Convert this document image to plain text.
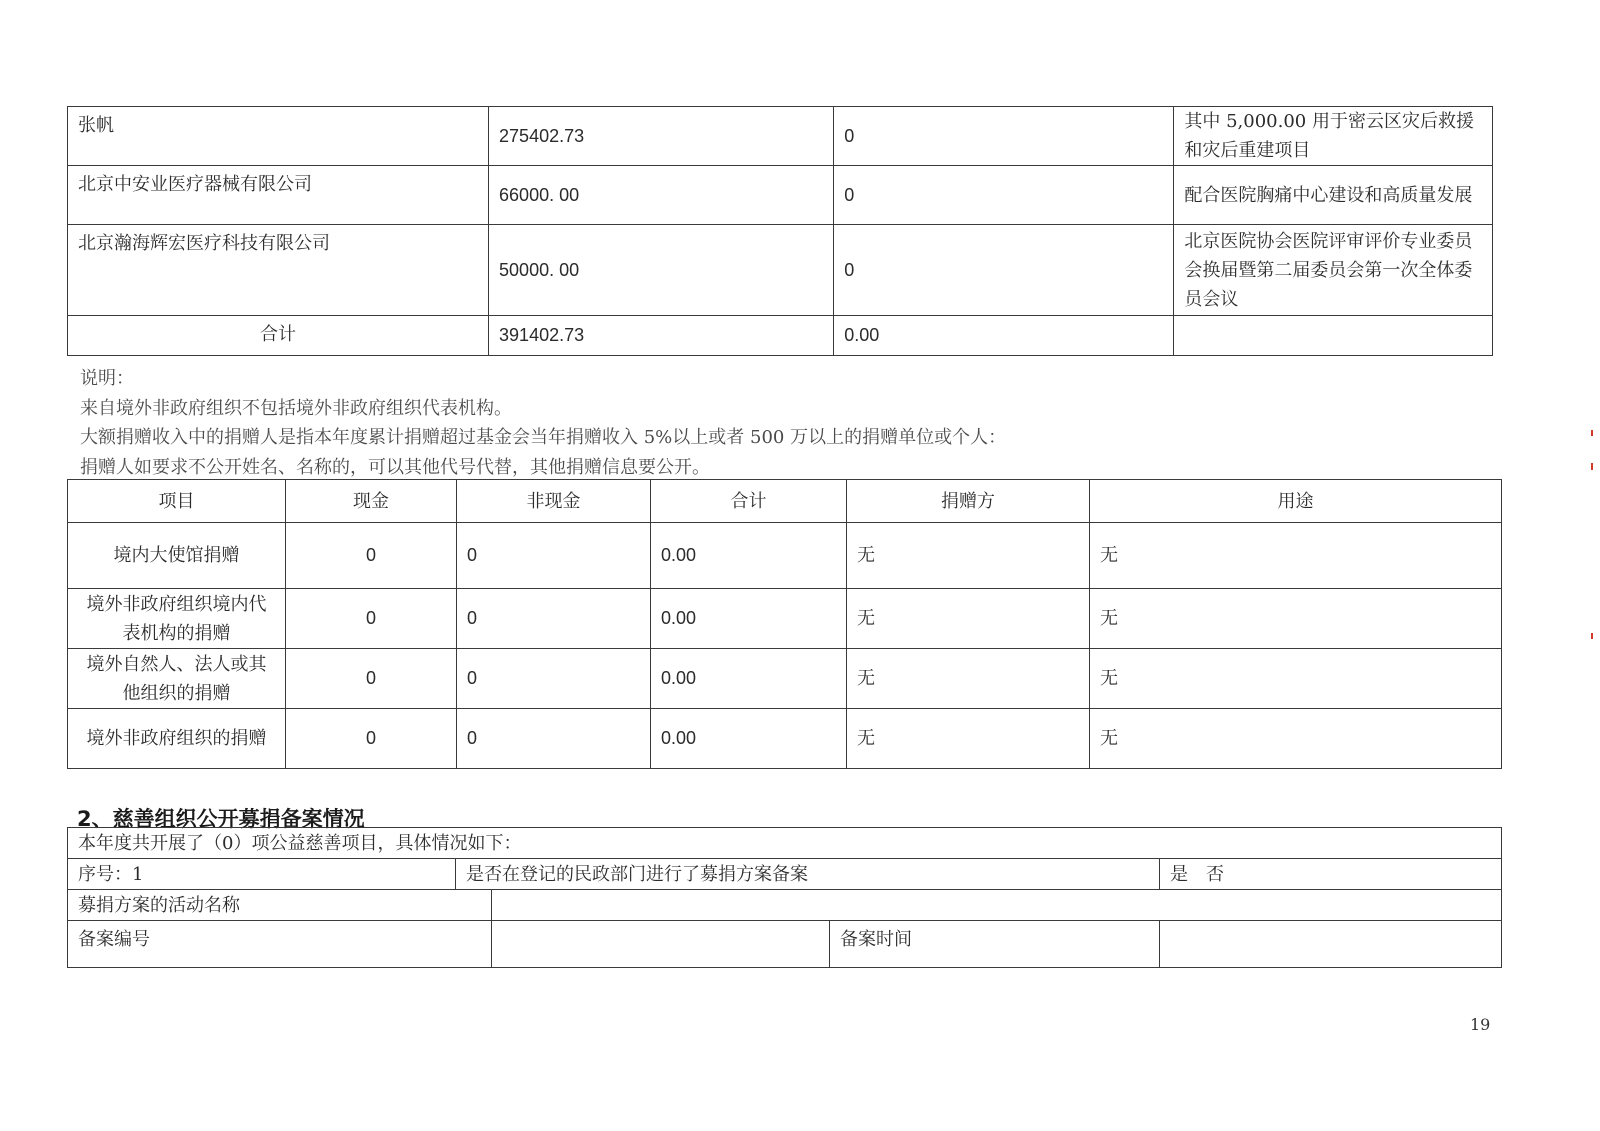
张帆	275402.73	0	其中 5,000.00 用于密云区灾后救援和灾后重建项目
北京中安业医疗器械有限公司	66000. 00	0	配合医院胸痛中心建设和高质量发展
北京瀚海辉宏医疗科技有限公司	50000. 00	0	北京医院协会医院评审评价专业委员会换届暨第二届委员会第一次全体委员会议
合计	391402.73	0.00	
说明：
来自境外非政府组织不包括境外非政府组织代表机构。
大额捐赠收入中的捐赠人是指本年度累计捐赠超过基金会当年捐赠收入 5%以上或者 500 万以上的捐赠单位或个人：
捐赠人如要求不公开姓名、名称的，可以其他代号代替，其他捐赠信息要公开。
项目	现金	非现金	合计	捐赠方	用途
境内大使馆捐赠	0	0	0.00	无	无
境外非政府组织境内代表机构的捐赠	0	0	0.00	无	无
境外自然人、法人或其他组织的捐赠	0	0	0.00	无	无
境外非政府组织的捐赠	0	0	0.00	无	无
2、慈善组织公开募捐备案情况
本年度共开展了（0）项公益慈善项目，具体情况如下：				
序号：1	是否在登记的民政部门进行了募捐方案备案			是　否
募捐方案的活动名称				
备案编号			备案时间	
19
